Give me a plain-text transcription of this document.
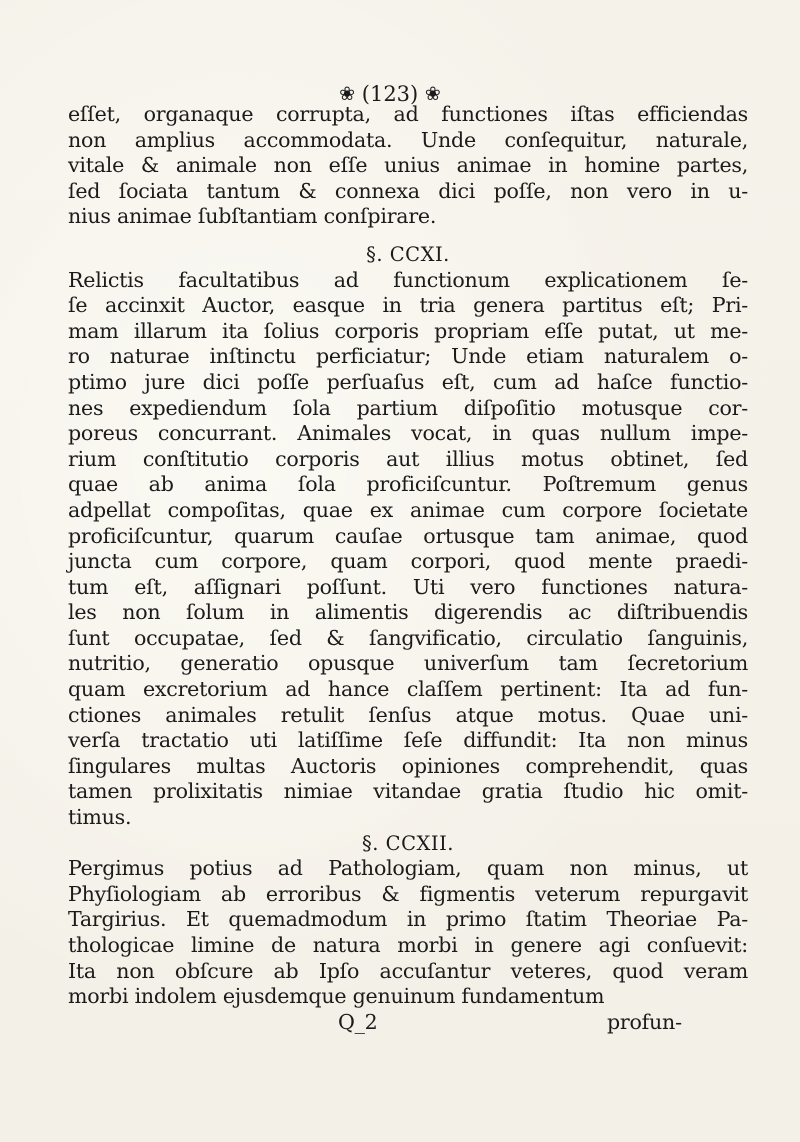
❀ (123) ❀
eſſet, organaque corrupta, ad functiones iſtas efficiendas
non amplius accommodata. Unde conſequitur, naturale,
vitale & animale non eſſe unius animae in homine partes,
ſed ſociata tantum & connexa dici poſſe, non vero in u-
nius animae ſubſtantiam conſpirare.
§. CCXI.
Relictis facultatibus ad functionum explicationem ſe-
ſe accinxit Auctor, easque in tria genera partitus eſt; Pri-
mam illarum ita ſolius corporis propriam eſſe putat, ut me-
ro naturae inſtinctu perficiatur; Unde etiam naturalem o-
ptimo jure dici poſſe perſuaſus eſt, cum ad haſce functio-
nes expediendum ſola partium diſpoſitio motusque cor-
poreus concurrant. Animales vocat, in quas nullum impe-
rium conſtitutio corporis aut illius motus obtinet, ſed
quae ab anima ſola proficiſcuntur. Poſtremum genus
adpellat compoſitas, quae ex animae cum corpore ſocietate
proficiſcuntur, quarum cauſae ortusque tam animae, quod
juncta cum corpore, quam corpori, quod mente praedi-
tum eſt, aſſignari poſſunt. Uti vero functiones natura-
les non ſolum in alimentis digerendis ac diſtribuendis
ſunt occupatae, ſed & ſangvificatio, circulatio ſanguinis,
nutritio, generatio opusque univerſum tam ſecretorium
quam excretorium ad hance claſſem pertinent: Ita ad fun-
ctiones animales retulit ſenſus atque motus. Quae uni-
verſa tractatio uti latiſſime ſeſe diffundit: Ita non minus
ſingulares multas Auctoris opiniones comprehendit, quas
tamen prolixitatis nimiae vitandae gratia ſtudio hic omit-
timus.
§. CCXII.
Pergimus potius ad Pathologiam, quam non minus, ut
Phyſiologiam ab erroribus & figmentis veterum repurgavit
Targirius. Et quemadmodum in primo ſtatim Theoriae Pa-
thologicae limine de natura morbi in genere agi conſuevit:
Ita non obſcure ab Ipſo accuſantur veteres, quod veram
morbi indolem ejusdemque genuinum fundamentum
Q_2	profun-
